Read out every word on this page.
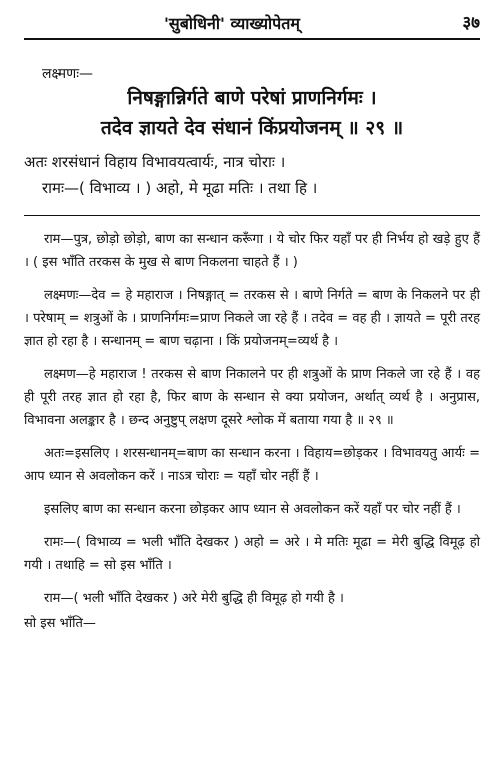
'सुबोधिनी' व्याख्योपेतम्	३७
लक्ष्मणः—
निषङ्गान्निर्गते बाणे परेषां प्राणनिर्गमः ।
तदेव ज्ञायते देव संधानं किंप्रयोजनम् ॥ २९ ॥
अतः शरसंधानं विहाय विभावयत्वार्यः, नात्र चोराः ।
रामः—( विभाव्य । ) अहो, मे मूढा मतिः । तथा हि ।

राम—पुत्र, छोड़ो छोड़ो, बाण का सन्धान करूँगा । ये चोर फिर यहाँ पर ही निर्भय हो खड़े हुए हैं । ( इस भाँति तरकस के मुख से बाण निकलना चाहते हैं । )

लक्ष्मणः—देव = हे महाराज । निषङ्गात् = तरकस से । बाणे निर्गते = बाण के निकलने पर ही । परेषाम् = शत्रुओं के । प्राणनिर्गमः=प्राण निकले जा रहे हैं । तदेव = वह ही । ज्ञायते = पूरी तरह ज्ञात हो रहा है । सन्धानम् = बाण चढ़ाना । किं प्रयोजनम्=व्यर्थ है ।

लक्ष्मण—हे महाराज ! तरकस से बाण निकालने पर ही शत्रुओं के प्राण निकले जा रहे हैं । वह ही पूरी तरह ज्ञात हो रहा है, फिर बाण के सन्धान से क्या प्रयोजन, अर्थात् व्यर्थ है । अनुप्रास, विभावना अलङ्कार है । छन्द अनुष्टुप् लक्षण दूसरे श्लोक में बताया गया है ॥ २९ ॥

अतः=इसलिए । शरसन्धानम्=बाण का सन्धान करना । विहाय=छोड़कर । विभावयतु आर्यः = आप ध्यान से अवलोकन करें । नाऽत्र चोराः = यहाँ चोर नहीं हैं ।

इसलिए बाण का सन्धान करना छोड़कर आप ध्यान से अवलोकन करें यहाँ पर चोर नहीं हैं ।

रामः—( विभाव्य = भली भाँति देखकर ) अहो = अरे । मे मतिः मूढा = मेरी बुद्धि विमूढ़ हो गयी । तथाहि = सो इस भाँति ।

राम—( भली भाँति देखकर ) अरे मेरी बुद्धि ही विमूढ़ हो गयी है ।

सो इस भाँति—
